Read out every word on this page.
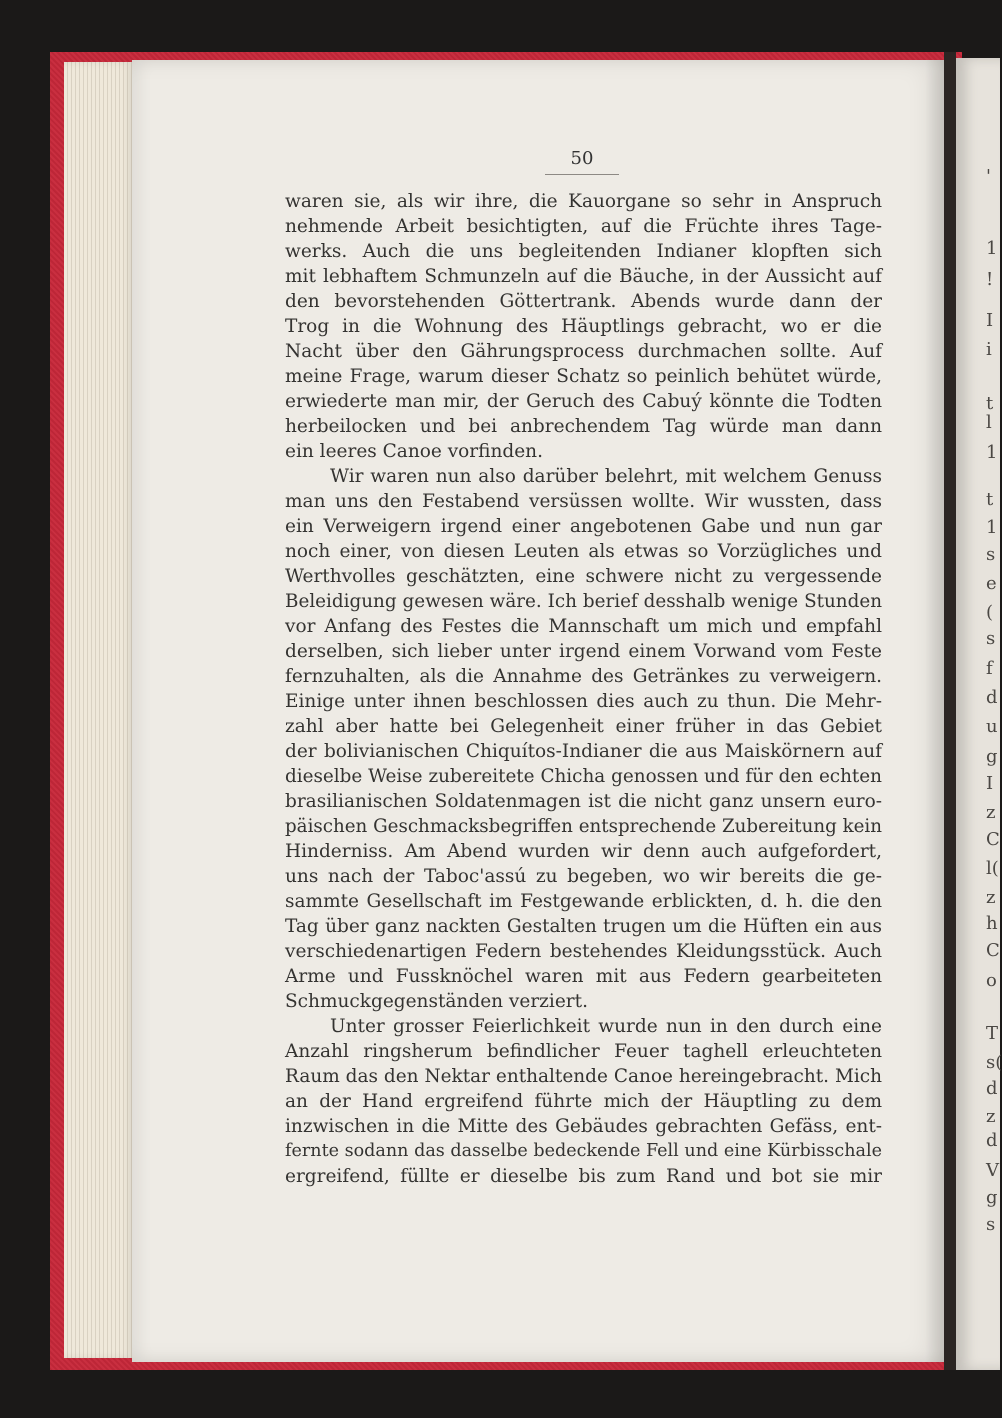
50
waren sie, als wir ihre, die Kauorgane so sehr in Anspruch
nehmende Arbeit besichtigten, auf die Früchte ihres Tage-
werks. Auch die uns begleitenden Indianer klopften sich
mit lebhaftem Schmunzeln auf die Bäuche, in der Aussicht auf
den bevorstehenden Göttertrank. Abends wurde dann der
Trog in die Wohnung des Häuptlings gebracht, wo er die
Nacht über den Gährungsprocess durchmachen sollte. Auf
meine Frage, warum dieser Schatz so peinlich behütet würde,
erwiederte man mir, der Geruch des Cabuý könnte die Todten
herbeilocken und bei anbrechendem Tag würde man dann
ein leeres Canoe vorfinden.
Wir waren nun also darüber belehrt, mit welchem Genuss
man uns den Festabend versüssen wollte. Wir wussten, dass
ein Verweigern irgend einer angebotenen Gabe und nun gar
noch einer, von diesen Leuten als etwas so Vorzügliches und
Werthvolles geschätzten, eine schwere nicht zu vergessende
Beleidigung gewesen wäre. Ich berief desshalb wenige Stunden
vor Anfang des Festes die Mannschaft um mich und empfahl
derselben, sich lieber unter irgend einem Vorwand vom Feste
fernzuhalten, als die Annahme des Getränkes zu verweigern.
Einige unter ihnen beschlossen dies auch zu thun. Die Mehr-
zahl aber hatte bei Gelegenheit einer früher in das Gebiet
der bolivianischen Chiquítos-Indianer die aus Maiskörnern auf
dieselbe Weise zubereitete Chicha genossen und für den echten
brasilianischen Soldatenmagen ist die nicht ganz unsern euro-
päischen Geschmacksbegriffen entsprechende Zubereitung kein
Hinderniss. Am Abend wurden wir denn auch aufgefordert,
uns nach der Taboc'assú zu begeben, wo wir bereits die ge-
sammte Gesellschaft im Festgewande erblickten, d. h. die den
Tag über ganz nackten Gestalten trugen um die Hüften ein aus
verschiedenartigen Federn bestehendes Kleidungsstück. Auch
Arme und Fussknöchel waren mit aus Federn gearbeiteten
Schmuckgegenständen verziert.
Unter grosser Feierlichkeit wurde nun in den durch eine
Anzahl ringsherum befindlicher Feuer taghell erleuchteten
Raum das den Nektar enthaltende Canoe hereingebracht. Mich
an der Hand ergreifend führte mich der Häuptling zu dem
inzwischen in die Mitte des Gebäudes gebrachten Gefäss, ent-
fernte sodann das dasselbe bedeckende Fell und eine Kürbisschale
ergreifend, füllte er dieselbe bis zum Rand und bot sie mir
'
1
!
I
i
t
l
1
t
1
s
e
(
s
f
d
u
g
I
z
C
l(
z
h
C
o
T
s(
d
z
d
V
g
s
